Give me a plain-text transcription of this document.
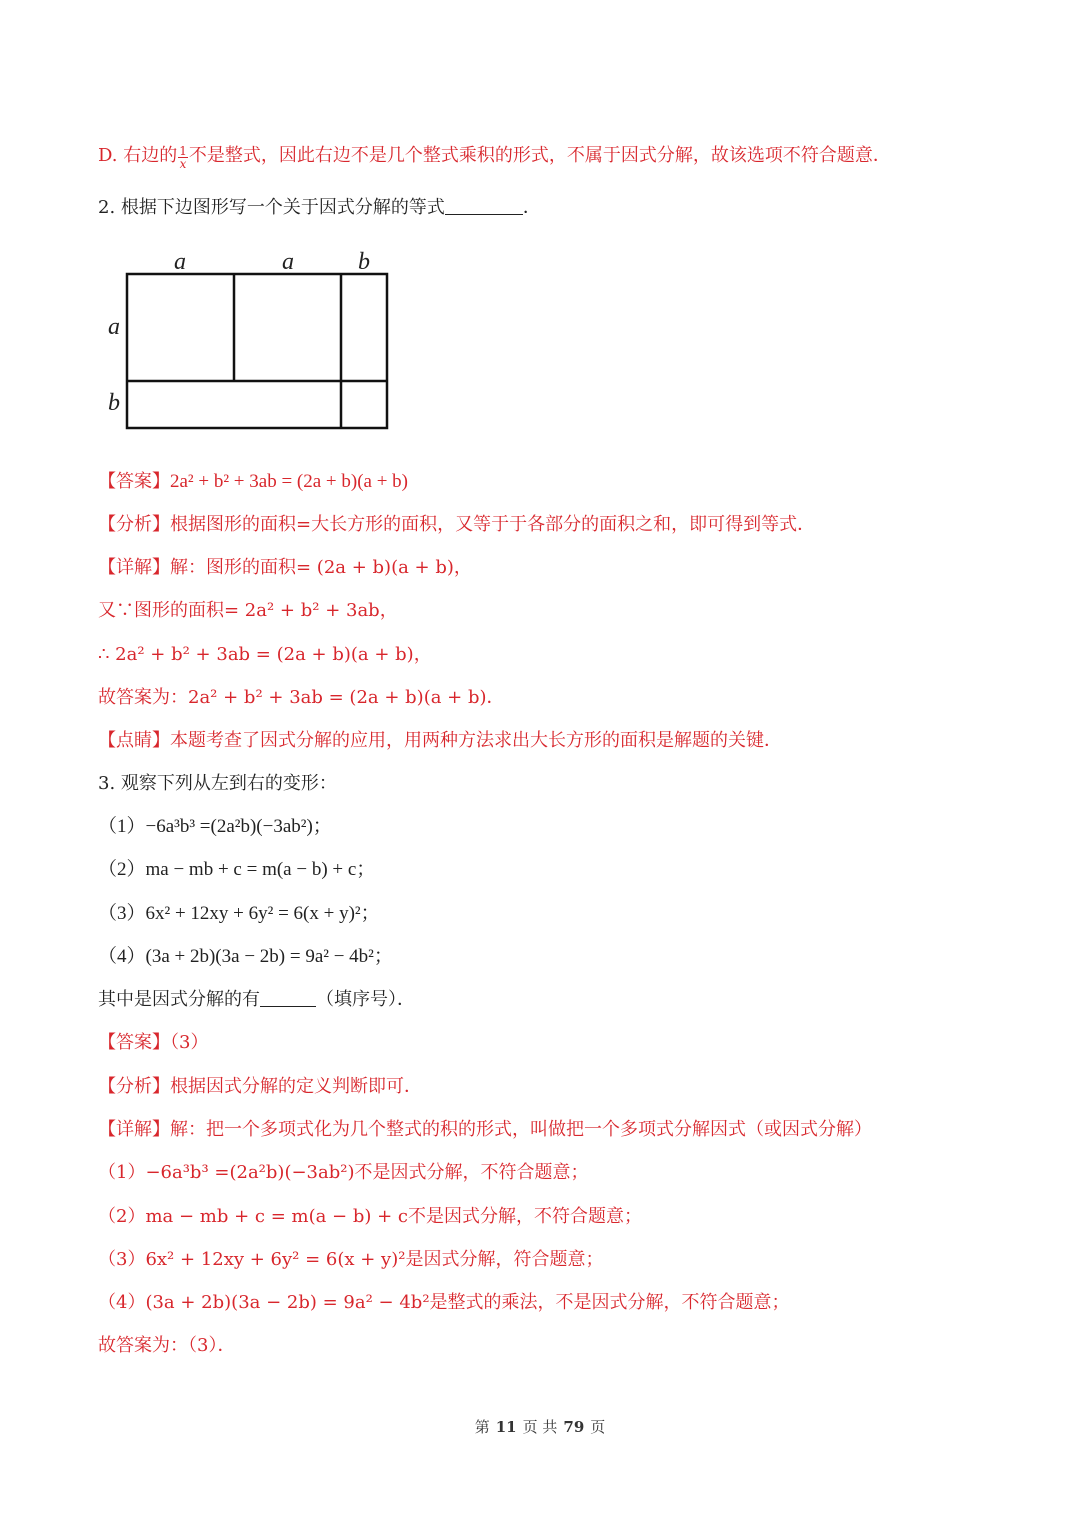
D. 右边的 $\frac{1}{x}$ 不是整式，因此右边不是几个整式乘积的形式，不属于因式分解，故该选项不符合题意．
2. 根据下边图形写一个关于因式分解的等式	．
a	a	b
a
b
【答案】2a² + b² + 3ab = (2a + b)(a + b)
【分析】根据图形的面积=大长方形的面积，又等于于各部分的面积之和，即可得到等式．
【详解】解：图形的面积= (2a + b)(a + b)，
又∵图形的面积= 2a² + b² + 3ab，
∴ 2a² + b² + 3ab = (2a + b)(a + b)，
故答案为：2a² + b² + 3ab = (2a + b)(a + b)．
【点睛】本题考查了因式分解的应用，用两种方法求出大长方形的面积是解题的关键．
3. 观察下列从左到右的变形：
（1）−6a³b³ =(2a²b)(−3ab²)；
（2）ma − mb + c = m(a − b) + c；
（3）6x² + 12xy + 6y² = 6(x + y)²；
（4）(3a + 2b)(3a − 2b) = 9a² − 4b²；
其中是因式分解的有	（填序号）．
【答案】（3）
【分析】根据因式分解的定义判断即可．
【详解】解：把一个多项式化为几个整式的积的形式，叫做把一个多项式分解因式（或因式分解）
（1）−6a³b³ =(2a²b)(−3ab²)不是因式分解，不符合题意；
（2）ma − mb + c = m(a − b) + c不是因式分解，不符合题意；
（3）6x² + 12xy + 6y² = 6(x + y)²是因式分解，符合题意；
（4）(3a + 2b)(3a − 2b) = 9a² − 4b²是整式的乘法，不是因式分解，不符合题意；
故答案为：（3）．
第 11 页 共 79 页
